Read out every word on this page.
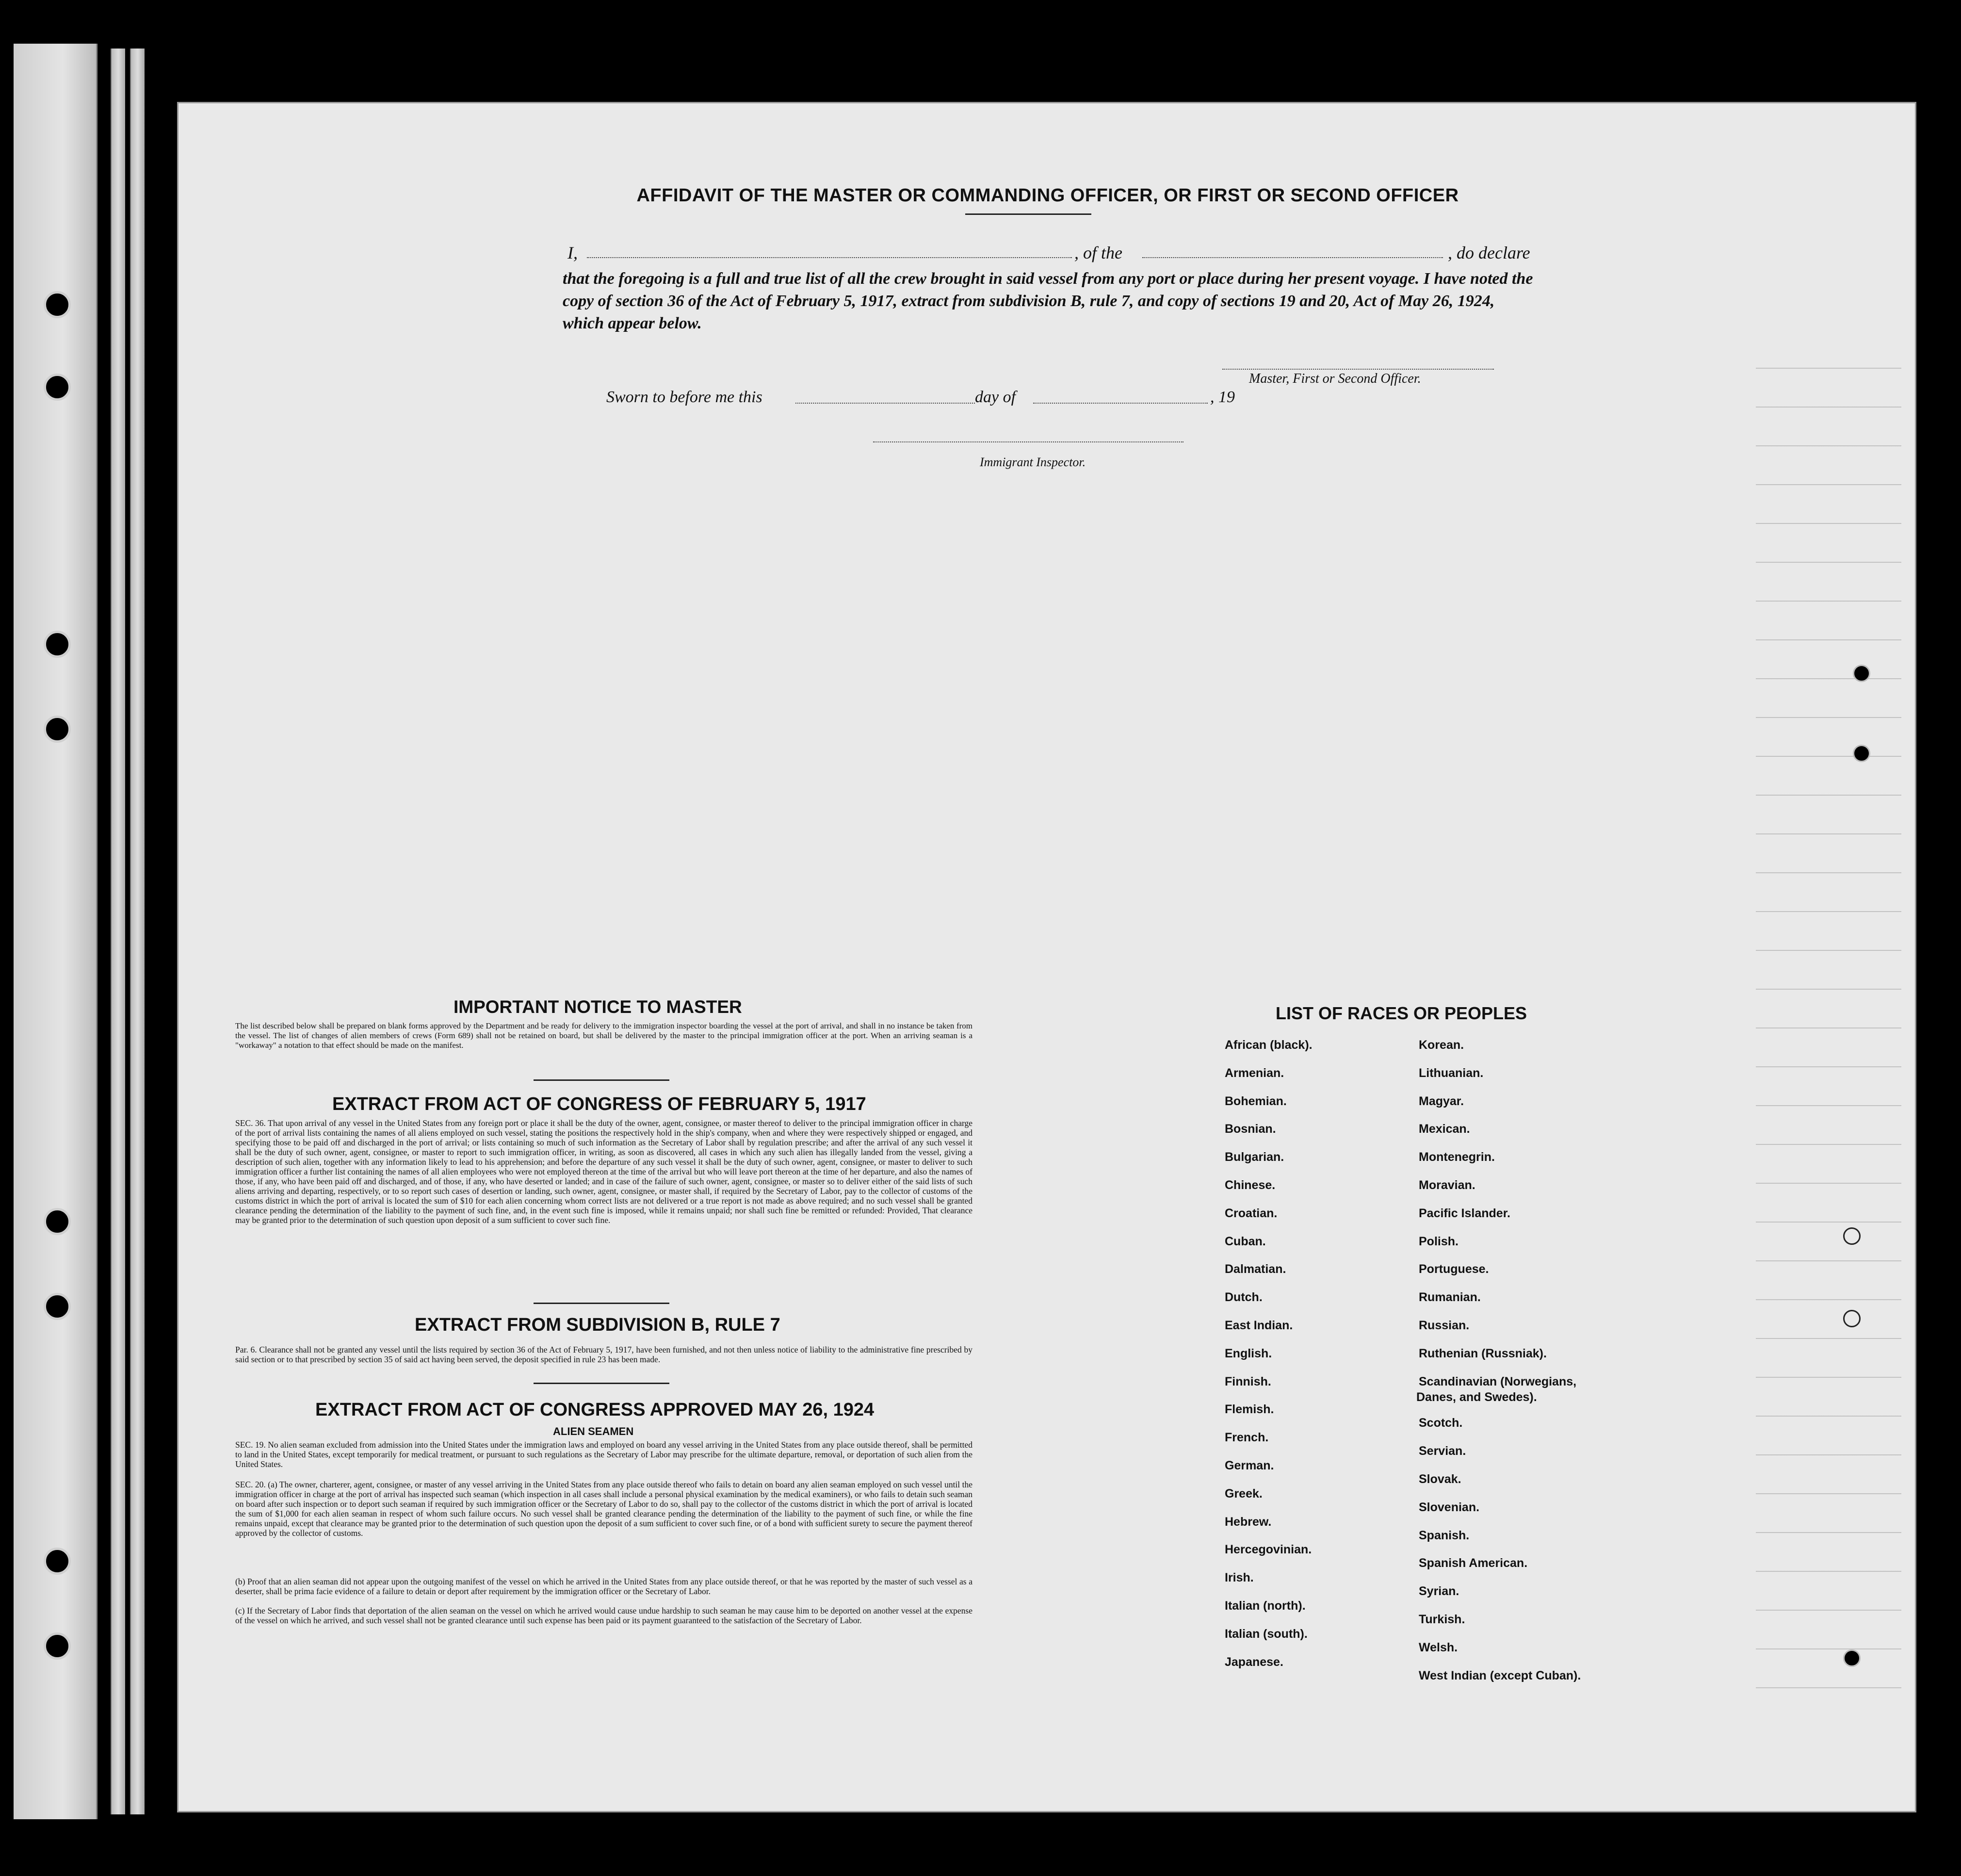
AFFIDAVIT OF THE MASTER OR COMMANDING OFFICER, OR FIRST OR SECOND OFFICER
I,	, of the	, do declare
that the foregoing is a full and true list of all the crew brought in said vessel from any port or place during her present voyage. I have noted the copy of section 36 of the Act of February 5, 1917, extract from subdivision B, rule 7, and copy of sections 19 and 20, Act of May 26, 1924, which appear below.
Master, First or Second Officer.
Sworn to before me this	day of	, 19
Immigrant Inspector.
IMPORTANT NOTICE TO MASTER
The list described below shall be prepared on blank forms approved by the Department and be ready for delivery to the immigration inspector boarding the vessel at the port of arrival, and shall in no instance be taken from the vessel. The list of changes of alien members of crews (Form 689) shall not be retained on board, but shall be delivered by the master to the principal immigration officer at the port. When an arriving seaman is a "workaway" a notation to that effect should be made on the manifest.
EXTRACT FROM ACT OF CONGRESS OF FEBRUARY 5, 1917
SEC. 36. That upon arrival of any vessel in the United States from any foreign port or place it shall be the duty of the owner, agent, consignee, or master thereof to deliver to the principal immigration officer in charge of the port of arrival lists containing the names of all aliens employed on such vessel, stating the positions the respectively hold in the ship's company, when and where they were respectively shipped or engaged, and specifying those to be paid off and discharged in the port of arrival; or lists containing so much of such information as the Secretary of Labor shall by regulation prescribe; and after the arrival of any such vessel it shall be the duty of such owner, agent, consignee, or master to report to such immigration officer, in writing, as soon as discovered, all cases in which any such alien has illegally landed from the vessel, giving a description of such alien, together with any information likely to lead to his apprehension; and before the departure of any such vessel it shall be the duty of such owner, agent, consignee, or master to deliver to such immigration officer a further list containing the names of all alien employees who were not employed thereon at the time of the arrival but who will leave port thereon at the time of her departure, and also the names of those, if any, who have been paid off and discharged, and of those, if any, who have deserted or landed; and in case of the failure of such owner, agent, consignee, or master so to deliver either of the said lists of such aliens arriving and departing, respectively, or to so report such cases of desertion or landing, such owner, agent, consignee, or master shall, if required by the Secretary of Labor, pay to the collector of customs of the customs district in which the port of arrival is located the sum of $10 for each alien concerning whom correct lists are not delivered or a true report is not made as above required; and no such vessel shall be granted clearance pending the determination of the liability to the payment of such fine, and, in the event such fine is imposed, while it remains unpaid; nor shall such fine be remitted or refunded: Provided, That clearance may be granted prior to the determination of such question upon deposit of a sum sufficient to cover such fine.
EXTRACT FROM SUBDIVISION B, RULE 7
Par. 6. Clearance shall not be granted any vessel until the lists required by section 36 of the Act of February 5, 1917, have been furnished, and not then unless notice of liability to the administrative fine prescribed by said section or to that prescribed by section 35 of said act having been served, the deposit specified in rule 23 has been made.
EXTRACT FROM ACT OF CONGRESS APPROVED MAY 26, 1924
ALIEN SEAMEN
SEC. 19. No alien seaman excluded from admission into the United States under the immigration laws and employed on board any vessel arriving in the United States from any place outside thereof, shall be permitted to land in the United States, except temporarily for medical treatment, or pursuant to such regulations as the Secretary of Labor may prescribe for the ultimate departure, removal, or deportation of such alien from the United States.
SEC. 20. (a) The owner, charterer, agent, consignee, or master of any vessel arriving in the United States from any place outside thereof who fails to detain on board any alien seaman employed on such vessel until the immigration officer in charge at the port of arrival has inspected such seaman (which inspection in all cases shall include a personal physical examination by the medical examiners), or who fails to detain such seaman on board after such inspection or to deport such seaman if required by such immigration officer or the Secretary of Labor to do so, shall pay to the collector of the customs district in which the port of arrival is located the sum of $1,000 for each alien seaman in respect of whom such failure occurs. No such vessel shall be granted clearance pending the determination of the liability to the payment of such fine, or while the fine remains unpaid, except that clearance may be granted prior to the determination of such question upon the deposit of a sum sufficient to cover such fine, or of a bond with sufficient surety to secure the payment thereof approved by the collector of customs.
(b) Proof that an alien seaman did not appear upon the outgoing manifest of the vessel on which he arrived in the United States from any place outside thereof, or that he was reported by the master of such vessel as a deserter, shall be prima facie evidence of a failure to detain or deport after requirement by the immigration officer or the Secretary of Labor.
(c) If the Secretary of Labor finds that deportation of the alien seaman on the vessel on which he arrived would cause undue hardship to such seaman he may cause him to be deported on another vessel at the expense of the vessel on which he arrived, and such vessel shall not be granted clearance until such expense has been paid or its payment guaranteed to the satisfaction of the Secretary of Labor.
LIST OF RACES OR PEOPLES
African (black).
Armenian.
Bohemian.
Bosnian.
Bulgarian.
Chinese.
Croatian.
Cuban.
Dalmatian.
Dutch.
East Indian.
English.
Finnish.
Flemish.
French.
German.
Greek.
Hebrew.
Hercegovinian.
Irish.
Italian (north).
Italian (south).
Japanese.
Korean.
Lithuanian.
Magyar.
Mexican.
Montenegrin.
Moravian.
Pacific Islander.
Polish.
Portuguese.
Rumanian.
Russian.
Ruthenian (Russniak).
Scandinavian (Norwegians,
Scotch.
Servian.
Slovak.
Slovenian.
Spanish.
Spanish American.
Syrian.
Turkish.
Welsh.
West Indian (except Cuban).
Danes, and Swedes).
